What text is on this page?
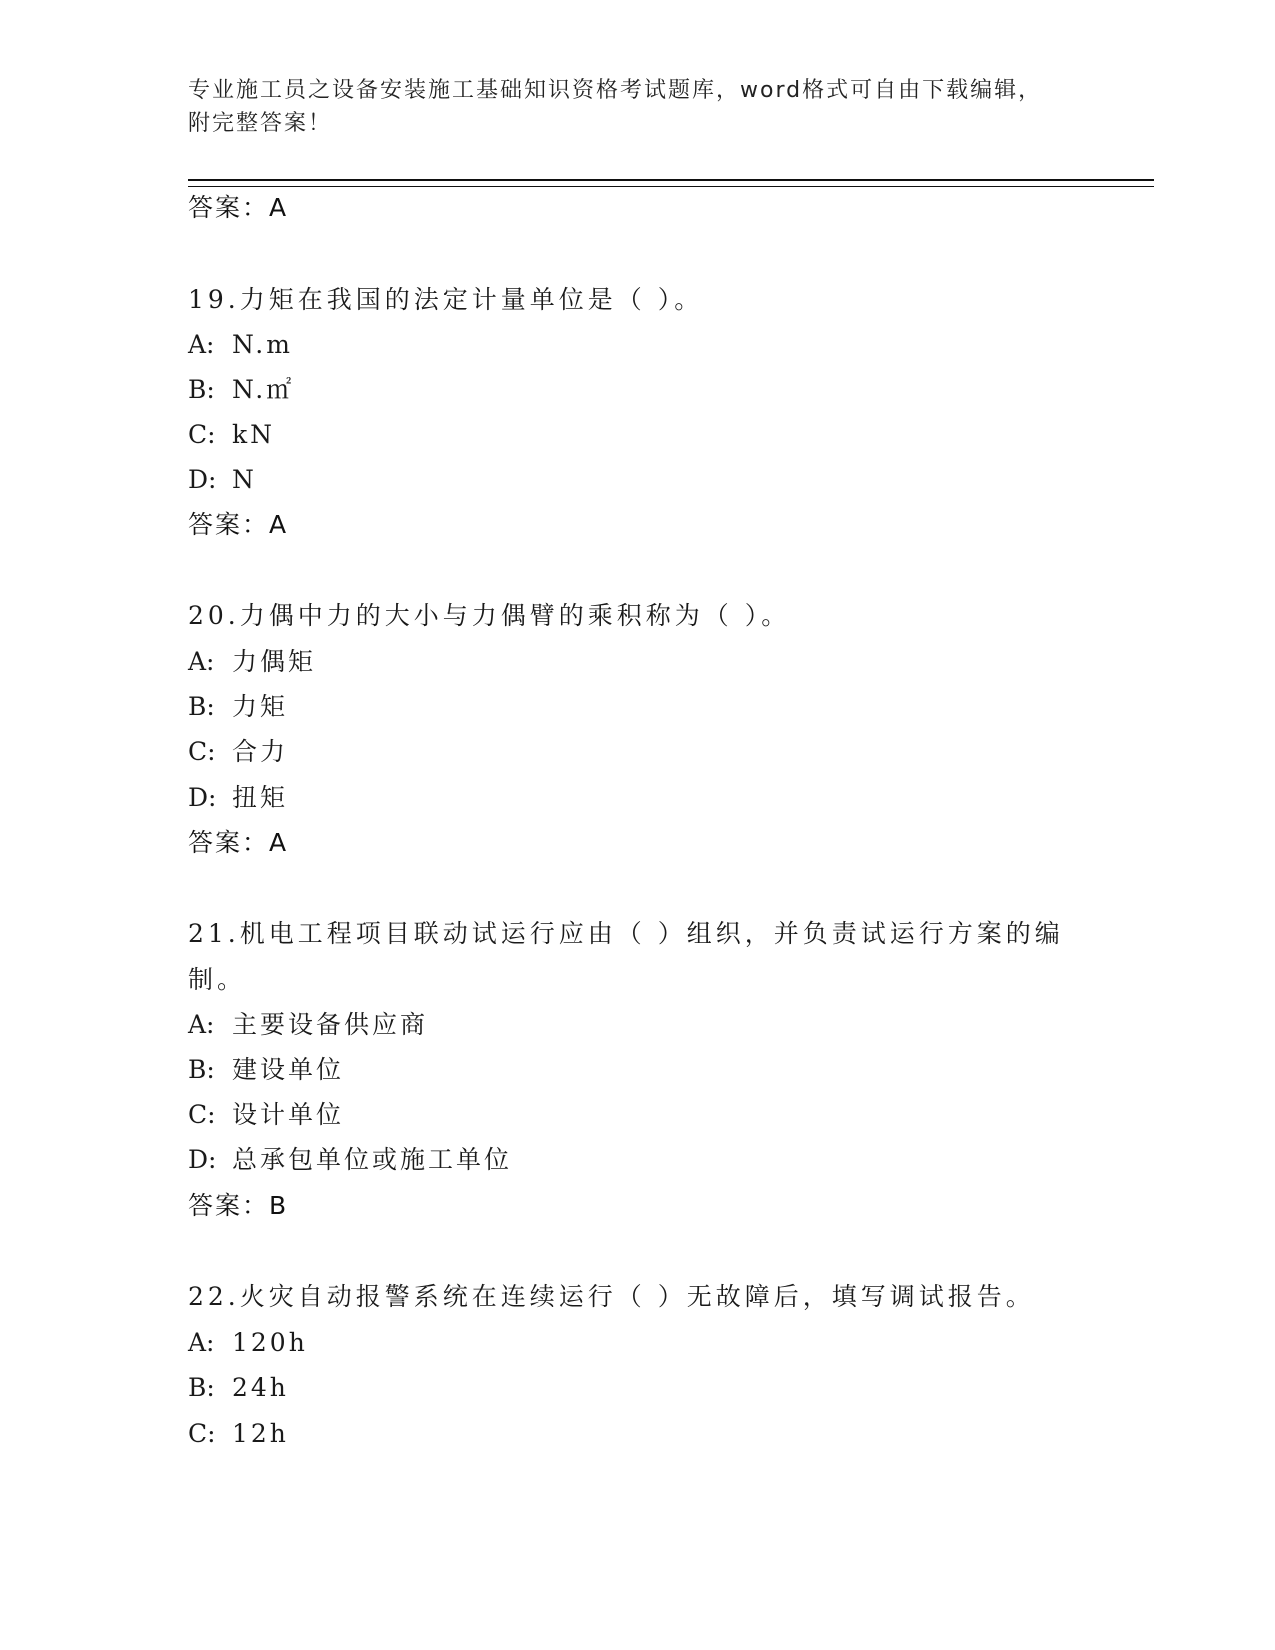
专业施工员之设备安装施工基础知识资格考试题库，word格式可自由下载编辑，
附完整答案！
答案：A
19.力矩在我国的法定计量单位是（ ）。
A: N.m
B: N.㎡
C: kN
D: N
答案：A
20.力偶中力的大小与力偶臂的乘积称为（ ）。
A: 力偶矩
B: 力矩
C: 合力
D: 扭矩
答案：A
21.机电工程项目联动试运行应由（ ）组织，并负责试运行方案的编
制。
A: 主要设备供应商
B: 建设单位
C: 设计单位
D: 总承包单位或施工单位
答案：B
22.火灾自动报警系统在连续运行（ ）无故障后，填写调试报告。
A: 120h
B: 24h
C: 12h
